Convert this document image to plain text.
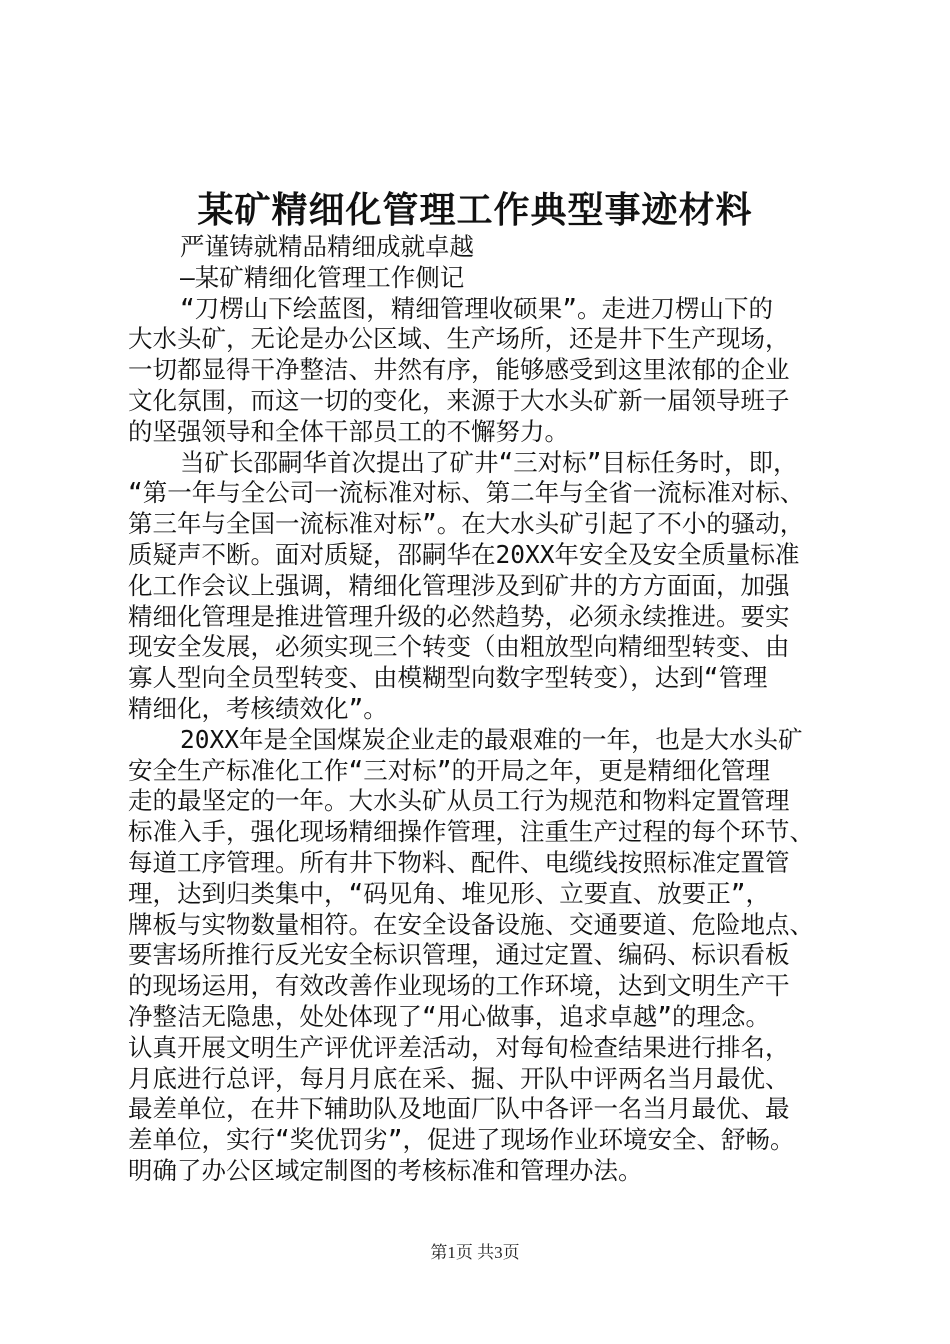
某矿精细化管理工作典型事迹材料
严谨铸就精品精细成就卓越
—某矿精细化管理工作侧记
“刀楞山下绘蓝图，精细管理收硕果”。走进刀楞山下的
大水头矿，无论是办公区域、生产场所，还是井下生产现场，
一切都显得干净整洁、井然有序，能够感受到这里浓郁的企业
文化氛围，而这一切的变化，来源于大水头矿新一届领导班子
的坚强领导和全体干部员工的不懈努力。
当矿长邵嗣华首次提出了矿井“三对标”目标任务时，即，
“第一年与全公司一流标准对标、第二年与全省一流标准对标、
第三年与全国一流标准对标”。在大水头矿引起了不小的骚动，
质疑声不断。面对质疑，邵嗣华在20XX年安全及安全质量标准
化工作会议上强调，精细化管理涉及到矿井的方方面面，加强
精细化管理是推进管理升级的必然趋势，必须永续推进。要实
现安全发展，必须实现三个转变（由粗放型向精细型转变、由
寡人型向全员型转变、由模糊型向数字型转变），达到“管理
精细化，考核绩效化”。
20XX年是全国煤炭企业走的最艰难的一年，也是大水头矿
安全生产标准化工作“三对标”的开局之年，更是精细化管理
走的最坚定的一年。大水头矿从员工行为规范和物料定置管理
标准入手，强化现场精细操作管理，注重生产过程的每个环节、
每道工序管理。所有井下物料、配件、电缆线按照标准定置管
理，达到归类集中，“码见角、堆见形、立要直、放要正”，
牌板与实物数量相符。在安全设备设施、交通要道、危险地点、
要害场所推行反光安全标识管理，通过定置、编码、标识看板
的现场运用，有效改善作业现场的工作环境，达到文明生产干
净整洁无隐患，处处体现了“用心做事，追求卓越”的理念。
认真开展文明生产评优评差活动，对每旬检查结果进行排名，
月底进行总评，每月月底在采、掘、开队中评两名当月最优、
最差单位，在井下辅助队及地面厂队中各评一名当月最优、最
差单位，实行“奖优罚劣”，促进了现场作业环境安全、舒畅。
明确了办公区域定制图的考核标准和管理办法。
第1页 共3页
